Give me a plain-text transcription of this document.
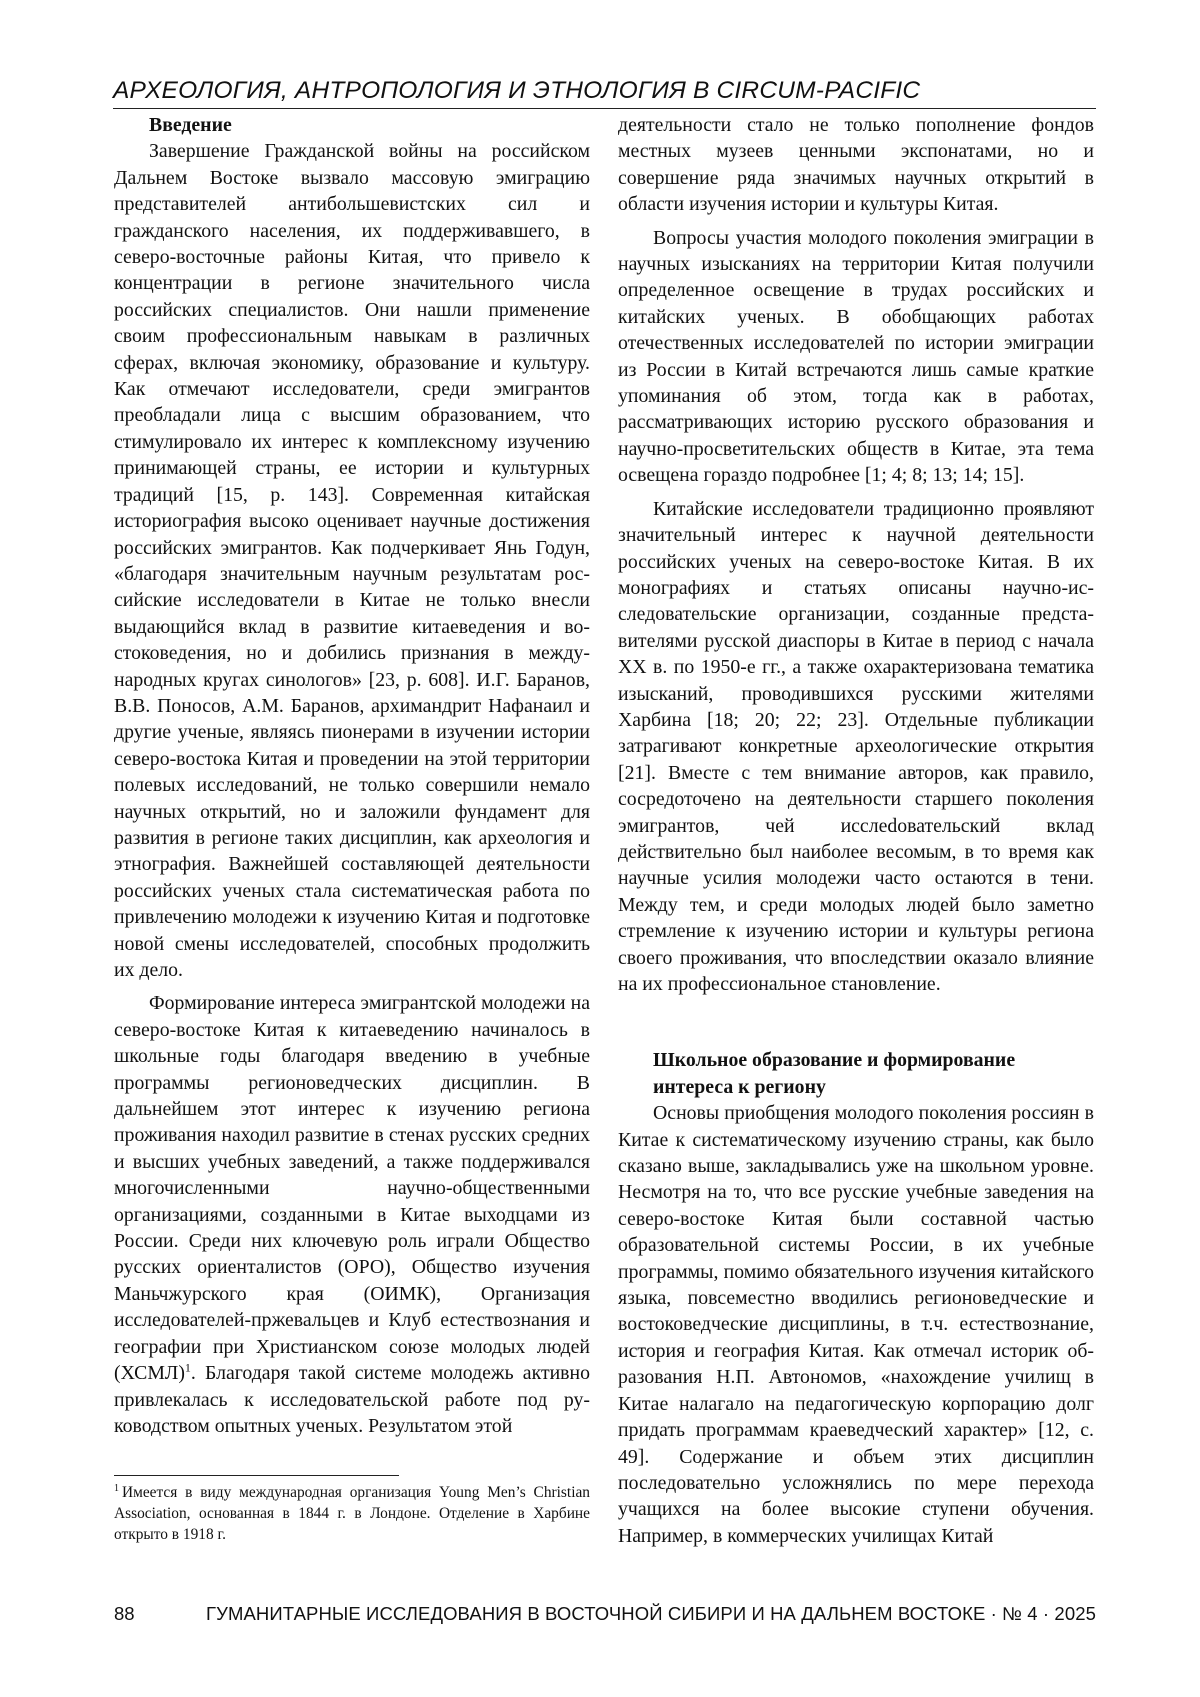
АРХЕОЛОГИЯ, АНТРОПОЛОГИЯ И ЭТНОЛОГИЯ В CIRCUM-PACIFIC
Введение

Завершение Гражданской войны на российском Дальнем Востоке вызвало массовую эмиграцию представителей антибольшевистских сил и гражданского населения, их поддерживавшего, в северо-восточные районы Китая, что привело к концентрации в регионе значительного числа российских специалистов. Они нашли применение своим профессиональным навыкам в различных сферах, включая экономику, образование и культуру. Как отмечают исследователи, среди эмигрантов преобладали лица с высшим образованием, что стимулировало их интерес к комплексному изучению принимающей страны, ее истории и культурных традиций [15, p. 143]. Современная китайская историография высоко оценивает научные достижения российских эмигрантов. Как подчеркивает Янь Годун, «благодаря значительным научным результатам российские исследователи в Китае не только внесли выдающийся вклад в развитие китаеведения и востоковедения, но и добились признания в международных кругах синологов» [23, p. 608]. И.Г. Баранов, В.В. Поносов, А.М. Баранов, архимандрит Нафанаил и другие ученые, являясь пионерами в изучении истории северо-востока Китая и проведении на этой территории полевых исследований, не только совершили немало научных открытий, но и заложили фундамент для развития в регионе таких дисциплин, как археология и этнография. Важнейшей составляющей деятельности российских ученых стала систематическая работа по привлечению молодежи к изучению Китая и подготовке новой смены исследователей, способных продолжить их дело.

Формирование интереса эмигрантской молодежи на северо-востоке Китая к китаеведению начиналось в школьные годы благодаря введению в учебные программы регионоведческих дисциплин. В дальнейшем этот интерес к изучению региона проживания находил развитие в стенах русских средних и высших учебных заведений, а также поддерживался многочисленными научно-общественными организациями, созданными в Китае выходцами из России. Среди них ключевую роль играли Общество русских ориенталистов (ОРО), Общество изучения Маньчжурского края (ОИМК), Организация исследователей-пржевальцев и Клуб естествознания и географии при Христианском союзе молодых людей (ХСМЛ)$^1$. Благодаря такой системе молодежь активно привлекалась к исследовательской работе под руководством опытных ученых. Результатом этой

деятельности стало не только пополнение фондов местных музеев ценными экспонатами, но и совершение ряда значимых научных открытий в области изучения истории и культуры Китая.

Вопросы участия молодого поколения эмиграции в научных изысканиях на территории Китая получили определенное освещение в трудах российских и китайских ученых. В обобщающих работах отечественных исследователей по истории эмиграции из России в Китай встречаются лишь самые краткие упоминания об этом, тогда как в работах, рассматривающих историю русского образования и научно-просветительских обществ в Китае, эта тема освещена гораздо подробнее [1; 4; 8; 13; 14; 15].

Китайские исследователи традиционно проявляют значительный интерес к научной деятельности российских ученых на северо-востоке Китая. В их монографиях и статьях описаны научно-исследовательские организации, созданные представителями русской диаспоры в Китае в период с начала XX в. по 1950-е гг., а также охарактеризована тематика изысканий, проводившихся русскими жителями Харбина [18; 20; 22; 23]. Отдельные публикации затрагивают конкретные археологические открытия [21]. Вместе с тем внимание авторов, как правило, сосредоточено на деятельности старшего поколения эмигрантов, чей исслеdовательский вклад действительно был наиболее весомым, в то время как научные усилия молодежи часто остаются в тени. Между тем, и среди молодых людей было заметно стремление к изучению истории и культуры региона своего проживания, что впоследствии оказало влияние на их профессиональное становление.

Школьное образование и формирование интереса к региону

Основы приобщения молодого поколения россиян в Китае к систематическому изучению страны, как было сказано выше, закладывались уже на школьном уровне. Несмотря на то, что все русские учебные заведения на северо-востоке Китая были составной частью образовательной системы России, в их учебные программы, помимо обязательного изучения китайского языка, повсеместно вводились регионоведческие и востоковедческие дисциплины, в т.ч. естествознание, история и география Китая. Как отмечал историк образования Н.П. Автономов, «нахождение училищ в Китае налагало на педагогическую корпорацию долг придать программам краеведческий характер» [12, с. 49]. Содержание и объем этих дисциплин последовательно усложнялись по мере перехода учащихся на более высокие ступени обучения. Например, в коммерческих училищах Китай

$^1$ Имеется в виду международная организация Young Men’s Christian Association, основанная в 1844 г. в Лондоне. Отделение в Харбине открыто в 1918 г.
88	ГУМАНИТАРНЫЕ ИССЛЕДОВАНИЯ В ВОСТОЧНОЙ СИБИРИ И НА ДАЛЬНЕМ ВОСТОКЕ · № 4 · 2025
